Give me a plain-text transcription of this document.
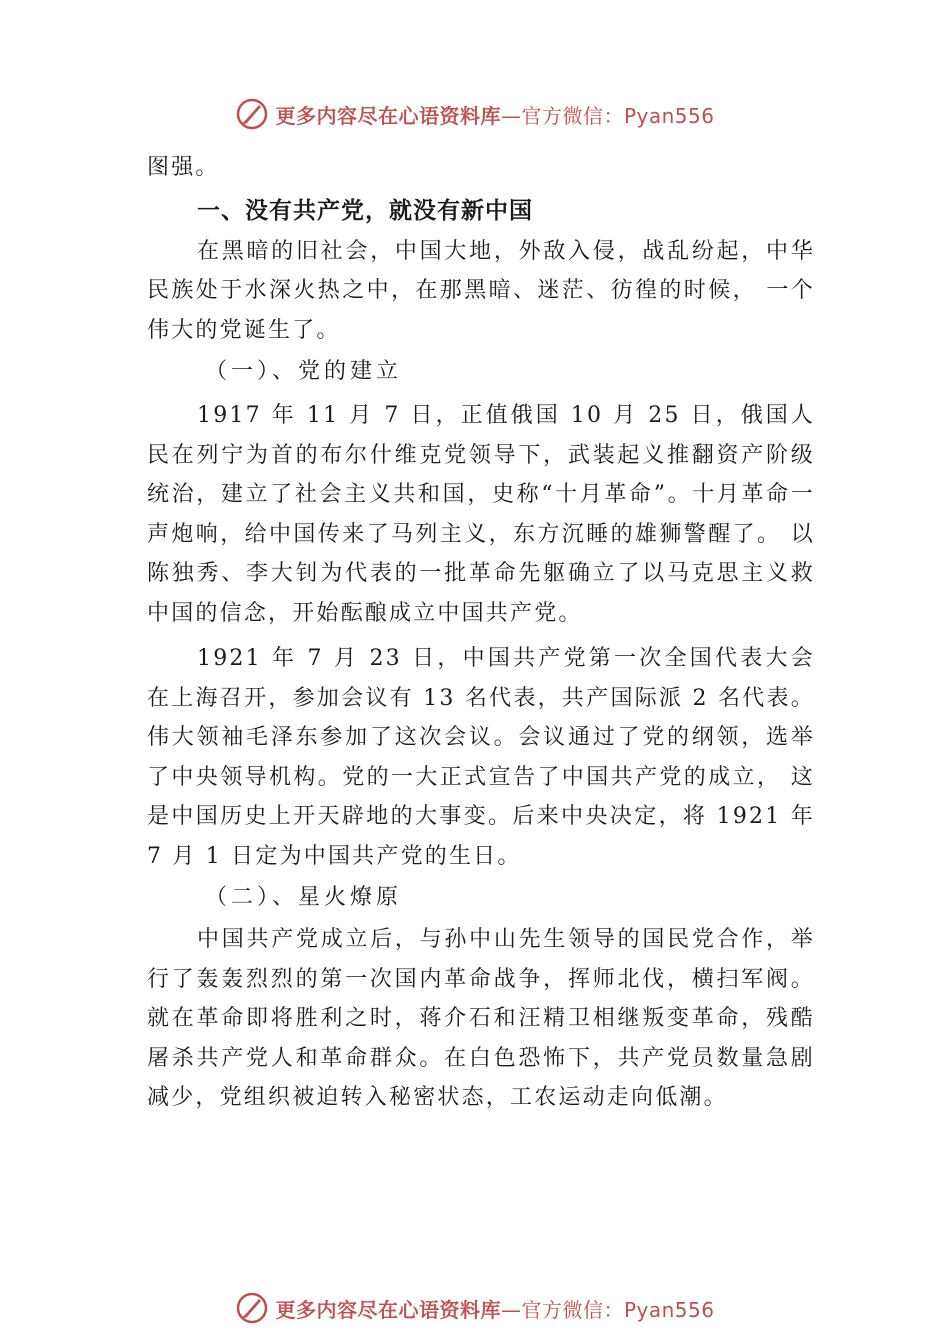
更多内容尽在心语资料库—官方微信：Pyan556

图强。

一、没有共产党，就没有新中国

在黑暗的旧社会，中国大地，外敌入侵，战乱纷起，中华民族处于水深火热之中，在那黑暗、迷茫、彷徨的时候， 一个伟大的党诞生了。

（一）、党的建立

1917 年 11 月 7 日，正值俄国 10 月 25 日，俄国人民在列宁为首的布尔什维克党领导下，武装起义推翻资产阶级统治，建立了社会主义共和国，史称“十月革命”。十月革命一声炮响，给中国传来了马列主义，东方沉睡的雄狮警醒了。 以陈独秀、李大钊为代表的一批革命先躯确立了以马克思主义救中国的信念，开始酝酿成立中国共产党。

1921 年 7 月 23 日，中国共产党第一次全国代表大会在上海召开，参加会议有 13 名代表，共产国际派 2 名代表。伟大领袖毛泽东参加了这次会议。会议通过了党的纲领，选举了中央领导机构。党的一大正式宣告了中国共产党的成立， 这是中国历史上开天辟地的大事变。后来中央决定，将 1921 年 7 月 1 日定为中国共产党的生日。

（二）、星火燎原

中国共产党成立后，与孙中山先生领导的国民党合作，举行了轰轰烈烈的第一次国内革命战争，挥师北伐，横扫军阀。就在革命即将胜利之时，蒋介石和汪精卫相继叛变革命，残酷屠杀共产党人和革命群众。在白色恐怖下，共产党员数量急剧减少，党组织被迫转入秘密状态，工农运动走向低潮。

更多内容尽在心语资料库—官方微信：Pyan556
